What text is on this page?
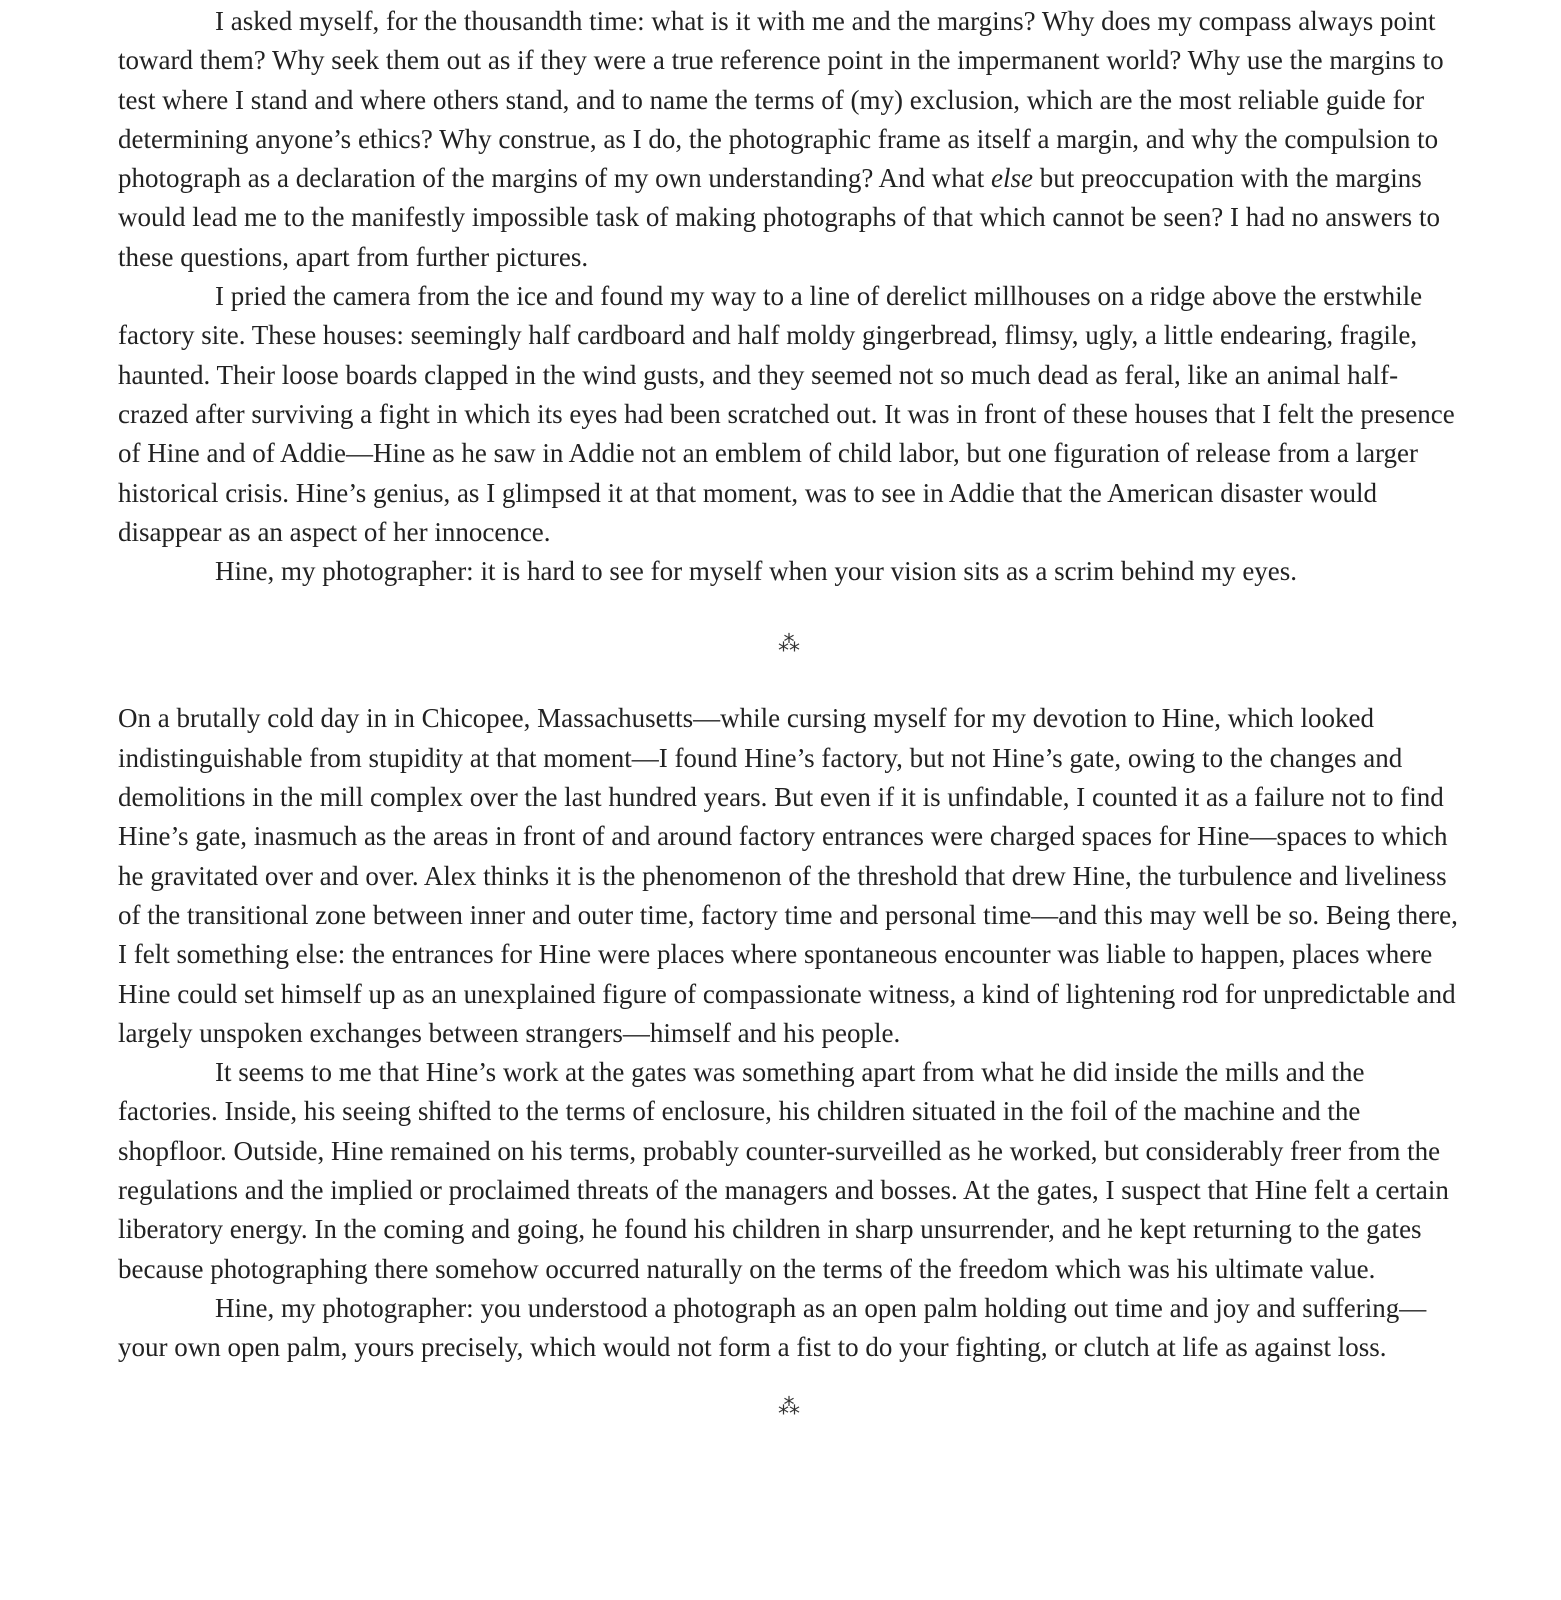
I asked myself, for the thousandth time: what is it with me and the margins? Why does my compass always point toward them? Why seek them out as if they were a true reference point in the impermanent world? Why use the margins to test where I stand and where others stand, and to name the terms of (my) exclusion, which are the most reliable guide for determining anyone’s ethics? Why construe, as I do, the photographic frame as itself a margin, and why the compulsion to photograph as a declaration of the margins of my own understanding? And what else but preoccupation with the margins would lead me to the manifestly impossible task of making photographs of that which cannot be seen? I had no answers to these questions, apart from further pictures.

I pried the camera from the ice and found my way to a line of derelict millhouses on a ridge above the erstwhile factory site. These houses: seemingly half cardboard and half moldy gingerbread, flimsy, ugly, a little endearing, fragile, haunted. Their loose boards clapped in the wind gusts, and they seemed not so much dead as feral, like an animal half-crazed after surviving a fight in which its eyes had been scratched out. It was in front of these houses that I felt the presence of Hine and of Addie—Hine as he saw in Addie not an emblem of child labor, but one figuration of release from a larger historical crisis. Hine’s genius, as I glimpsed it at that moment, was to see in Addie that the American disaster would disappear as an aspect of her innocence.

Hine, my photographer: it is hard to see for myself when your vision sits as a scrim behind my eyes.

⁂

On a brutally cold day in in Chicopee, Massachusetts—while cursing myself for my devotion to Hine, which looked indistinguishable from stupidity at that moment—I found Hine’s factory, but not Hine’s gate, owing to the changes and demolitions in the mill complex over the last hundred years. But even if it is unfindable, I counted it as a failure not to find Hine’s gate, inasmuch as the areas in front of and around factory entrances were charged spaces for Hine—spaces to which he gravitated over and over. Alex thinks it is the phenomenon of the threshold that drew Hine, the turbulence and liveliness of the transitional zone between inner and outer time, factory time and personal time—and this may well be so. Being there, I felt something else: the entrances for Hine were places where spontaneous encounter was liable to happen, places where Hine could set himself up as an unexplained figure of compassionate witness, a kind of lightening rod for unpredictable and largely unspoken exchanges between strangers—himself and his people.

It seems to me that Hine’s work at the gates was something apart from what he did inside the mills and the factories. Inside, his seeing shifted to the terms of enclosure, his children situated in the foil of the machine and the shopfloor. Outside, Hine remained on his terms, probably counter-surveilled as he worked, but considerably freer from the regulations and the implied or proclaimed threats of the managers and bosses. At the gates, I suspect that Hine felt a certain liberatory energy. In the coming and going, he found his children in sharp unsurrender, and he kept returning to the gates because photographing there somehow occurred naturally on the terms of the freedom which was his ultimate value.

Hine, my photographer: you understood a photograph as an open palm holding out time and joy and suffering—your own open palm, yours precisely, which would not form a fist to do your fighting, or clutch at life as against loss.

⁂
